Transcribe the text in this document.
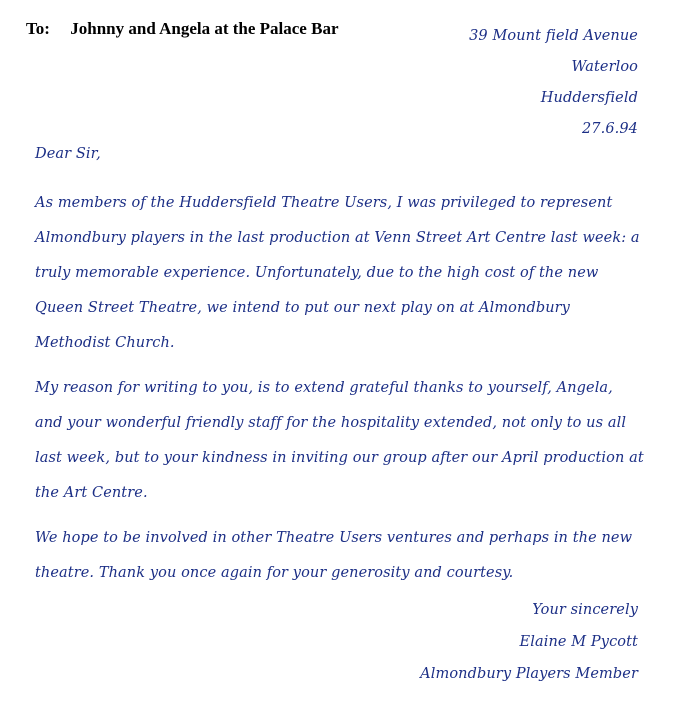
To: Johnny and Angela at the Palace Bar	39 Mount field Avenue
Waterloo
Huddersfield
27.6.94
Dear Sir,

As members of the Huddersfield Theatre Users, I was privileged to represent Almondbury players in the last production at Venn Street Art Centre last week: a truly memorable experience. Unfortunately, due to the high cost of the new Queen Street Theatre, we intend to put our next play on at Almondbury Methodist Church.

My reason for writing to you, is to extend grateful thanks to yourself, Angela, and your wonderful friendly staff for the hospitality extended, not only to us all last week, but to your kindness in inviting our group after our April production at the Art Centre.

We hope to be involved in other Theatre Users ventures and perhaps in the new theatre. Thank you once again for your generosity and courtesy.

Your sincerely
Elaine M Pycott
Almondbury Players Member
